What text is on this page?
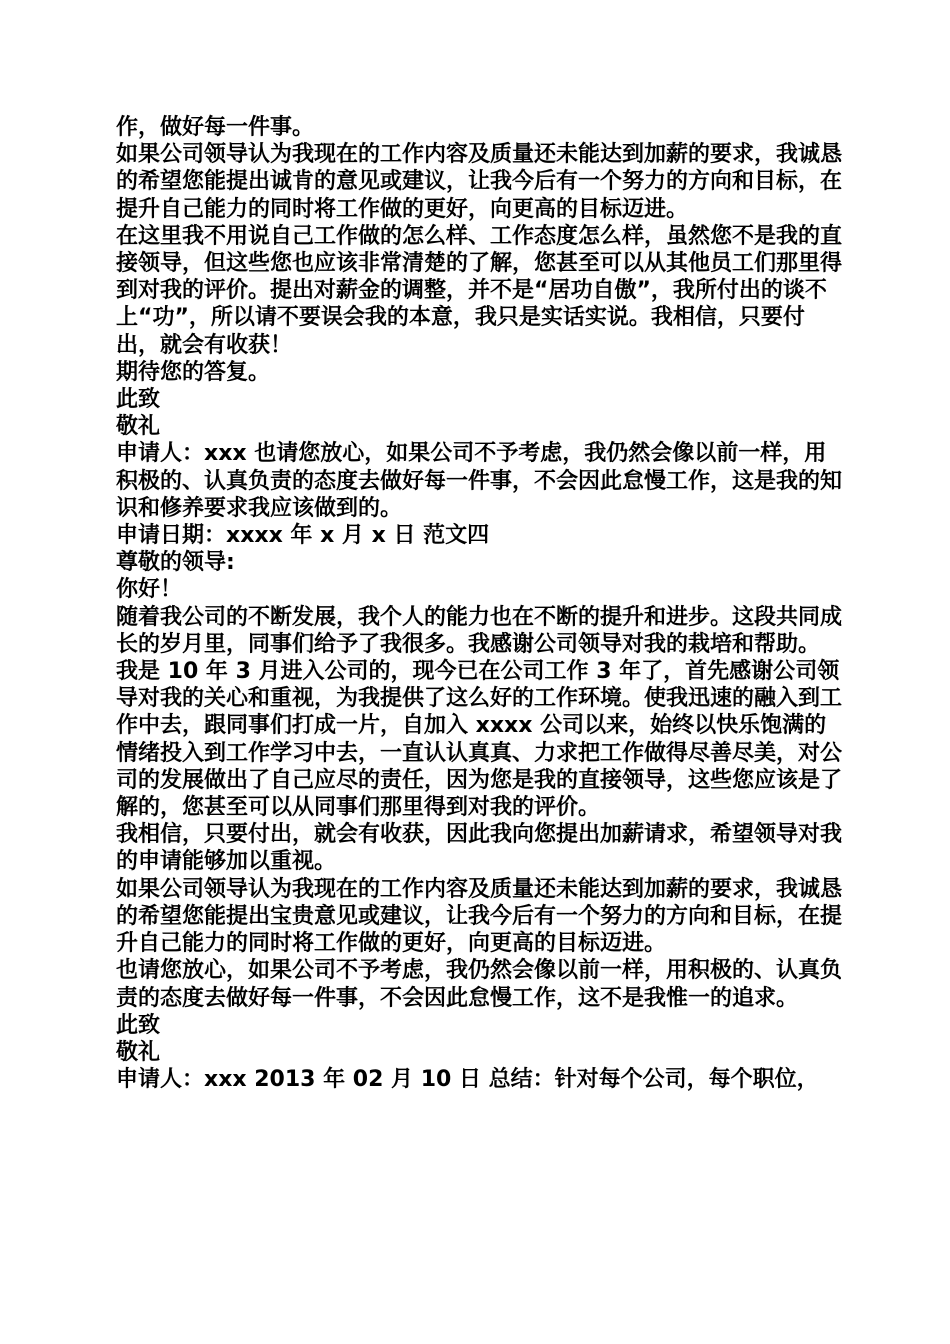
作，做好每一件事。

如果公司领导认为我现在的工作内容及质量还未能达到加薪的要求，我诚恳的希望您能提出诚肯的意见或建议，让我今后有一个努力的方向和目标，在提升自己能力的同时将工作做的更好，向更高的目标迈进。

在这里我不用说自己工作做的怎么样、工作态度怎么样，虽然您不是我的直接领导，但这些您也应该非常清楚的了解，您甚至可以从其他员工们那里得到对我的评价。提出对薪金的调整，并不是“居功自傲”，我所付出的谈不上“功”，所以请不要误会我的本意，我只是实话实说。我相信，只要付出，就会有收获！

期待您的答复。

此致

敬礼

申请人：xxx 也请您放心，如果公司不予考虑，我仍然会像以前一样，用积极的、认真负责的态度去做好每一件事，不会因此怠慢工作，这是我的知识和修养要求我应该做到的。

申请日期：xxxx 年 x 月 x 日 范文四

尊敬的领导:

你好！

随着我公司的不断发展，我个人的能力也在不断的提升和进步。这段共同成长的岁月里，同事们给予了我很多。我感谢公司领导对我的栽培和帮助。

我是 10 年 3 月进入公司的，现今已在公司工作 3 年了，首先感谢公司领导对我的关心和重视，为我提供了这么好的工作环境。使我迅速的融入到工作中去，跟同事们打成一片，自加入 xxxx 公司以来，始终以快乐饱满的情绪投入到工作学习中去，一直认认真真、力求把工作做得尽善尽美，对公司的发展做出了自己应尽的责任，因为您是我的直接领导，这些您应该是了解的，您甚至可以从同事们那里得到对我的评价。

我相信，只要付出，就会有收获，因此我向您提出加薪请求，希望领导对我的申请能够加以重视。

如果公司领导认为我现在的工作内容及质量还未能达到加薪的要求，我诚恳的希望您能提出宝贵意见或建议，让我今后有一个努力的方向和目标，在提升自己能力的同时将工作做的更好，向更高的目标迈进。

也请您放心，如果公司不予考虑，我仍然会像以前一样，用积极的、认真负责的态度去做好每一件事，不会因此怠慢工作，这不是我惟一的追求。

此致

敬礼

申请人：xxx 2013 年 02 月 10 日 总结：针对每个公司，每个职位，
